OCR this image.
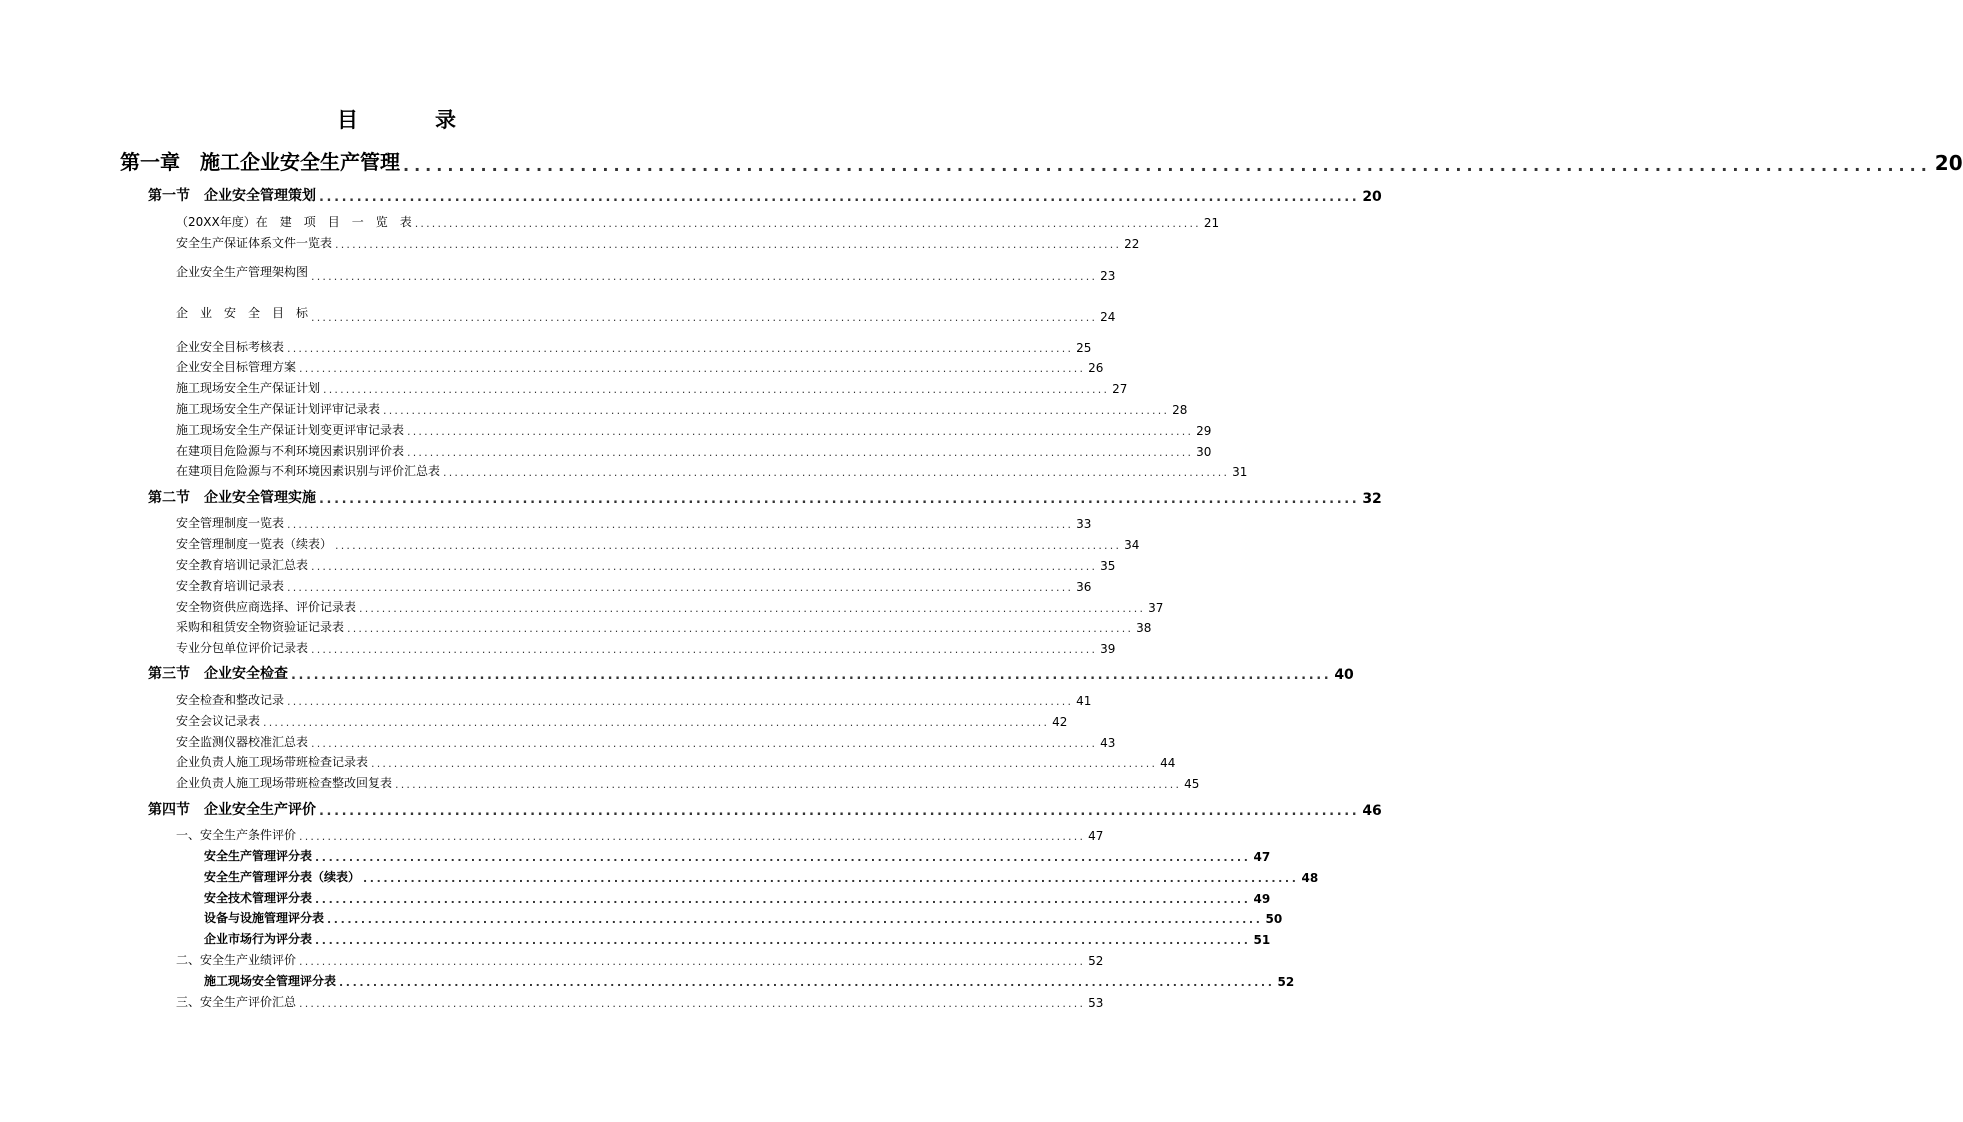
目　录
第一章　施工企业安全生产管理 .......................................................................................................................................... 20
第一节　企业安全管理策划 .......................................................................................................................................... 20
（20XX年度）在　建　项　目　一　览　表 .......................................................................................................................................... 21
安全生产保证体系文件一览表 .......................................................................................................................................... 22
企业安全生产管理架构图 .......................................................................................................................................... 23
企　业　安　全　目　标 .......................................................................................................................................... 24
企业安全目标考核表 .......................................................................................................................................... 25
企业安全目标管理方案 .......................................................................................................................................... 26
施工现场安全生产保证计划 .......................................................................................................................................... 27
施工现场安全生产保证计划评审记录表 .......................................................................................................................................... 28
施工现场安全生产保证计划变更评审记录表 .......................................................................................................................................... 29
在建项目危险源与不利环境因素识别评价表 .......................................................................................................................................... 30
在建项目危险源与不利环境因素识别与评价汇总表 .......................................................................................................................................... 31
第二节　企业安全管理实施 .......................................................................................................................................... 32
安全管理制度一览表 .......................................................................................................................................... 33
安全管理制度一览表（续表） .......................................................................................................................................... 34
安全教育培训记录汇总表 .......................................................................................................................................... 35
安全教育培训记录表 .......................................................................................................................................... 36
安全物资供应商选择、评价记录表 .......................................................................................................................................... 37
采购和租赁安全物资验证记录表 .......................................................................................................................................... 38
专业分包单位评价记录表 .......................................................................................................................................... 39
第三节　企业安全检查 .......................................................................................................................................... 40
安全检查和整改记录 .......................................................................................................................................... 41
安全会议记录表 .......................................................................................................................................... 42
安全监测仪器校准汇总表 .......................................................................................................................................... 43
企业负责人施工现场带班检查记录表 .......................................................................................................................................... 44
企业负责人施工现场带班检查整改回复表 .......................................................................................................................................... 45
第四节　企业安全生产评价 .......................................................................................................................................... 46
一、安全生产条件评价 .......................................................................................................................................... 47
安全生产管理评分表 .......................................................................................................................................... 47
安全生产管理评分表（续表） .......................................................................................................................................... 48
安全技术管理评分表 .......................................................................................................................................... 49
设备与设施管理评分表 .......................................................................................................................................... 50
企业市场行为评分表 .......................................................................................................................................... 51
二、安全生产业绩评价 .......................................................................................................................................... 52
施工现场安全管理评分表 .......................................................................................................................................... 52
三、安全生产评价汇总 .......................................................................................................................................... 53
